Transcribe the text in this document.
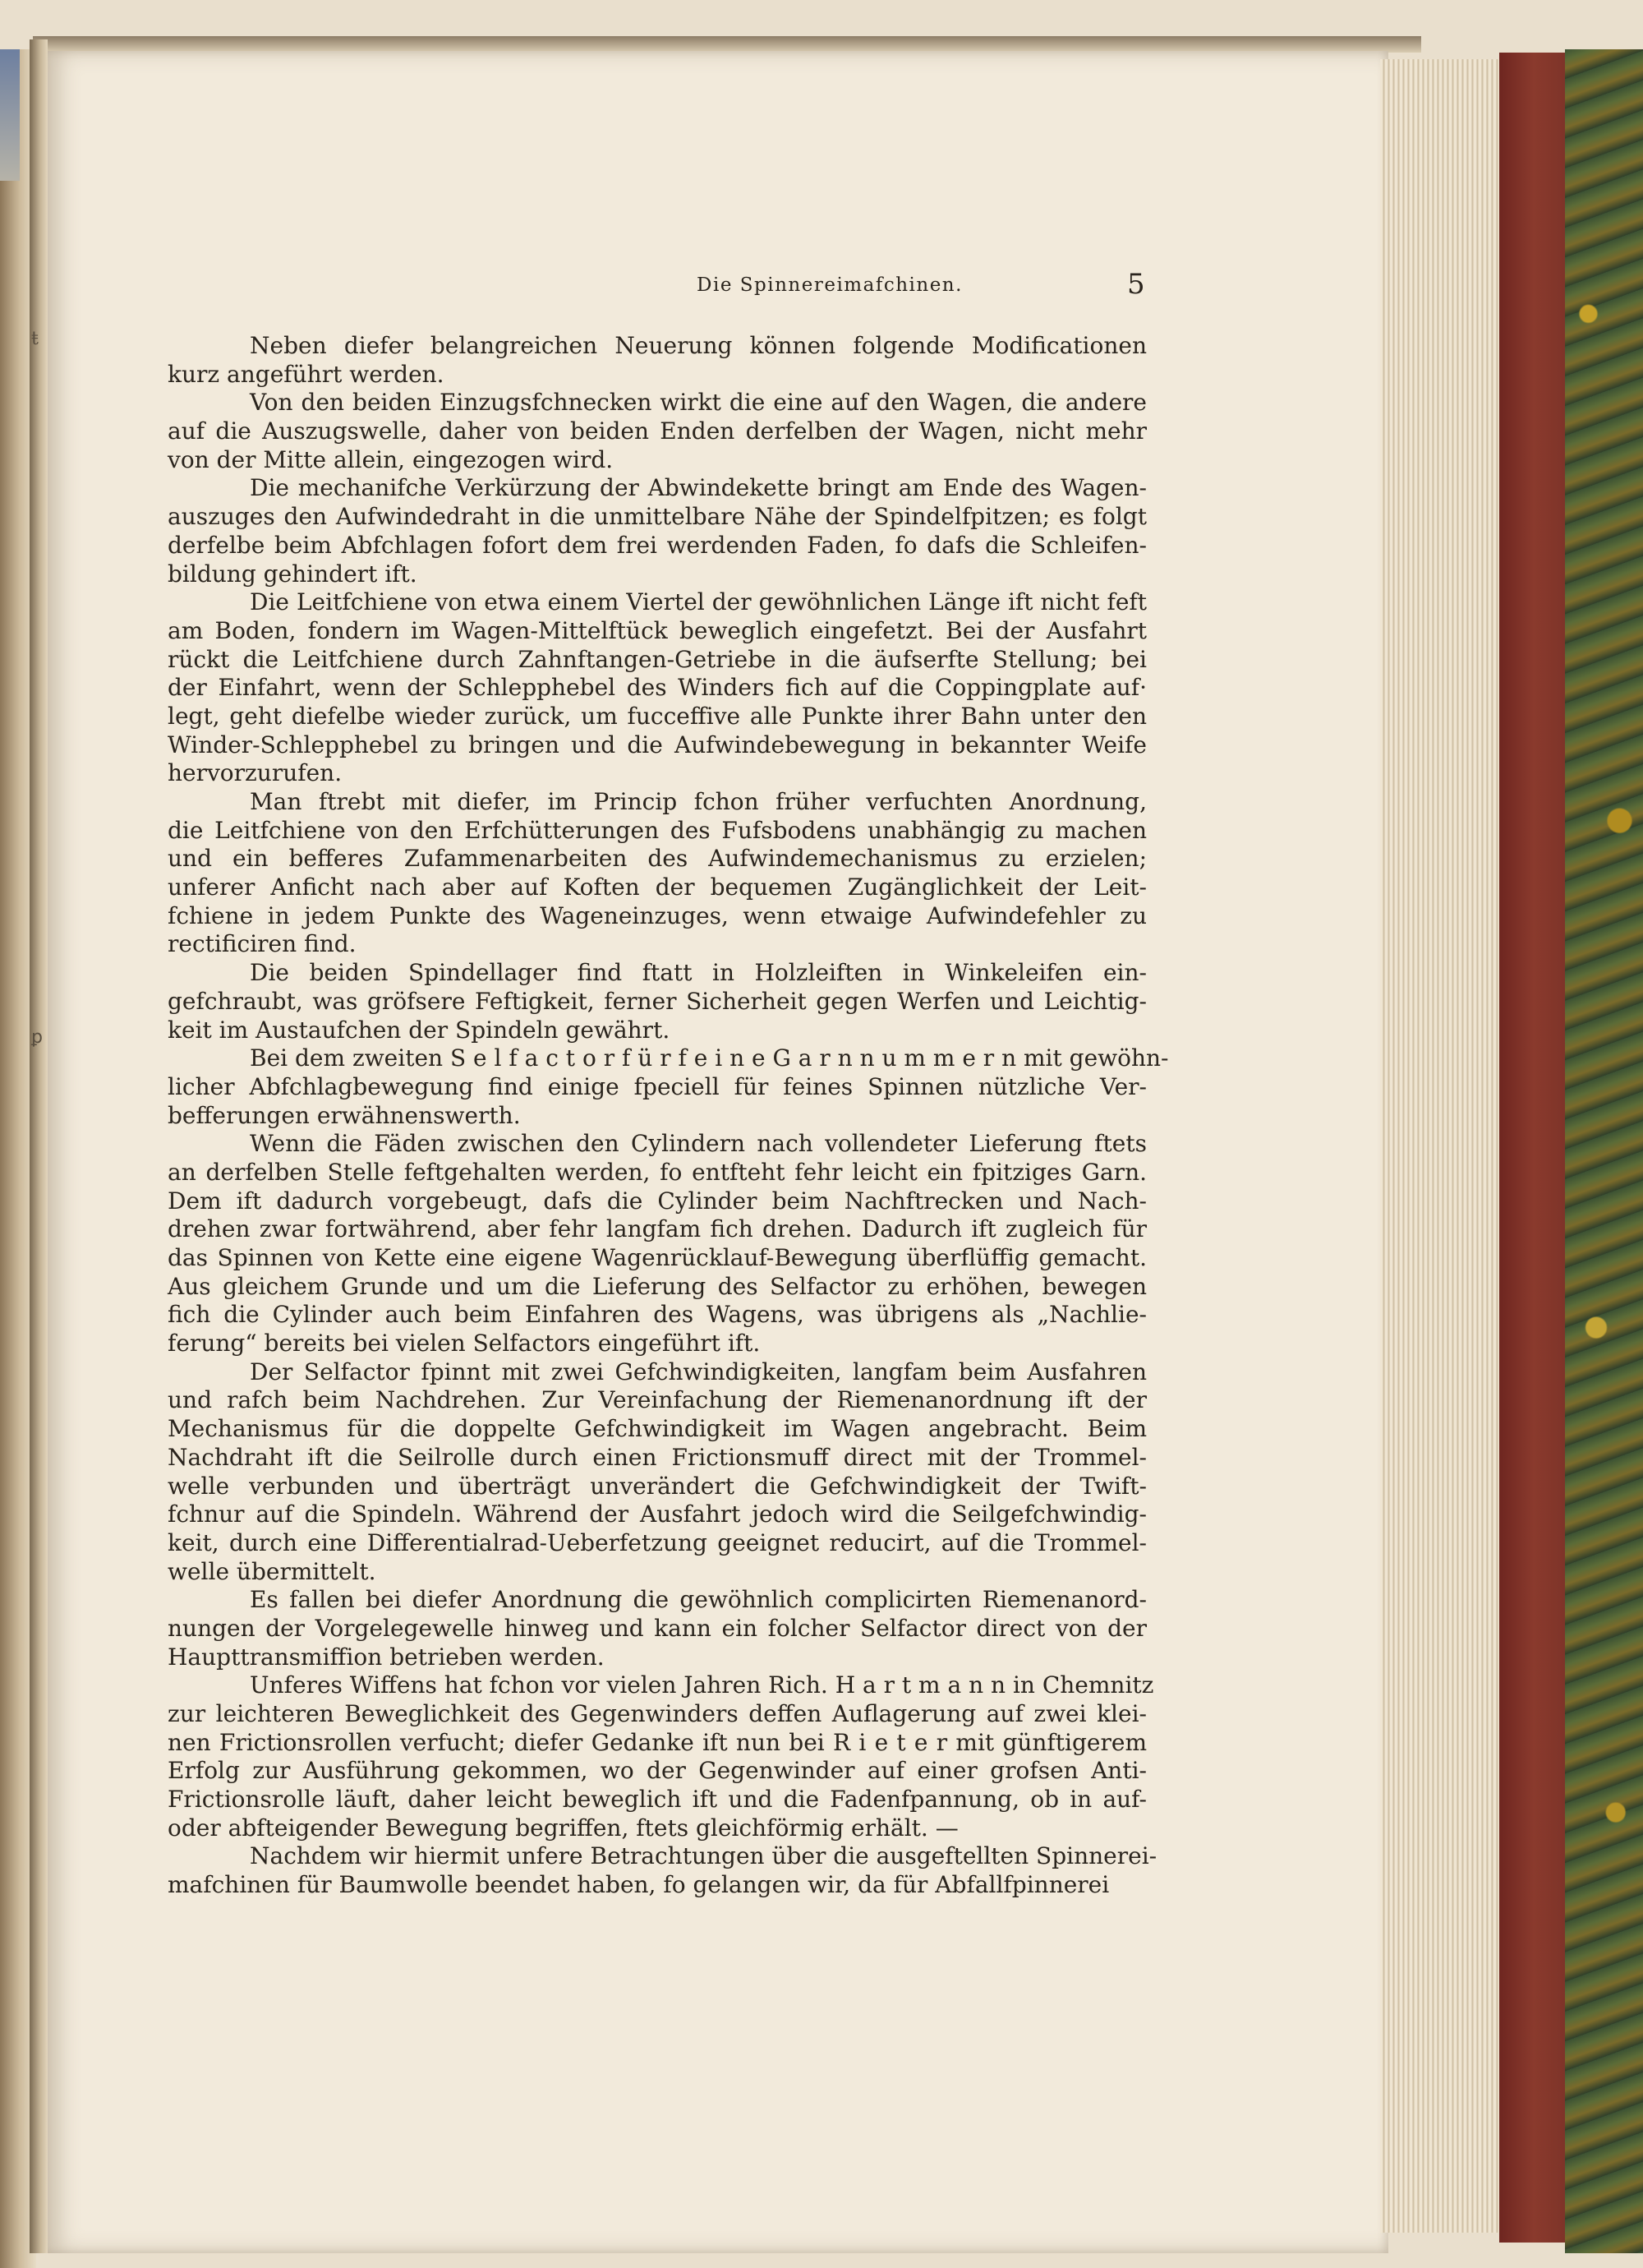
ŧ
ꝑ
Die Spinnereimafchinen.	5
Neben diefer belangreichen Neuerung können folgende Modificationen
kurz angeführt werden.
Von den beiden Einzugsfchnecken wirkt die eine auf den Wagen, die andere
auf die Auszugswelle, daher von beiden Enden derfelben der Wagen, nicht mehr
von der Mitte allein, eingezogen wird.
Die mechanifche Verkürzung der Abwindekette bringt am Ende des Wagen-
auszuges den Aufwindedraht in die unmittelbare Nähe der Spindelfpitzen; es folgt
derfelbe beim Abfchlagen fofort dem frei werdenden Faden, fo dafs die Schleifen-
bildung gehindert ift.
Die Leitfchiene von etwa einem Viertel der gewöhnlichen Länge ift nicht feft
am Boden, fondern im Wagen-Mittelftück beweglich eingefetzt. Bei der Ausfahrt
rückt die Leitfchiene durch Zahnftangen-Getriebe in die äufserfte Stellung; bei
der Einfahrt, wenn der Schlepphebel des Winders fich auf die Coppingplate auf·
legt, geht diefelbe wieder zurück, um fucceffive alle Punkte ihrer Bahn unter den
Winder-Schlepphebel zu bringen und die Aufwindebewegung in bekannter Weife
hervorzurufen.
Man ftrebt mit diefer, im Princip fchon früher verfuchten Anordnung,
die Leitfchiene von den Erfchütterungen des Fufsbodens unabhängig zu machen
und ein befferes Zufammenarbeiten des Aufwindemechanismus zu erzielen;
unferer Anficht nach aber auf Koften der bequemen Zugänglichkeit der Leit-
fchiene in jedem Punkte des Wageneinzuges, wenn etwaige Aufwindefehler zu
rectificiren find.
Die beiden Spindellager find ftatt in Holzleiften in Winkeleifen ein-
gefchraubt, was gröfsere Feftigkeit, ferner Sicherheit gegen Werfen und Leichtig-
keit im Austaufchen der Spindeln gewährt.
Bei dem zweiten S e l f a c t o r f ü r f e i n e G a r n n u m m e r n mit gewöhn-
licher Abfchlagbewegung find einige fpeciell für feines Spinnen nützliche Ver-
befferungen erwähnenswerth.
Wenn die Fäden zwischen den Cylindern nach vollendeter Lieferung ftets
an derfelben Stelle feftgehalten werden, fo entfteht fehr leicht ein fpitziges Garn.
Dem ift dadurch vorgebeugt, dafs die Cylinder beim Nachftrecken und Nach-
drehen zwar fortwährend, aber fehr langfam fich drehen. Dadurch ift zugleich für
das Spinnen von Kette eine eigene Wagenrücklauf-Bewegung überflüffig gemacht.
Aus gleichem Grunde und um die Lieferung des Selfactor zu erhöhen, bewegen
fich die Cylinder auch beim Einfahren des Wagens, was übrigens als „Nachlie-
ferung“ bereits bei vielen Selfactors eingeführt ift.
Der Selfactor fpinnt mit zwei Gefchwindigkeiten, langfam beim Ausfahren
und rafch beim Nachdrehen. Zur Vereinfachung der Riemenanordnung ift der
Mechanismus für die doppelte Gefchwindigkeit im Wagen angebracht. Beim
Nachdraht ift die Seilrolle durch einen Frictionsmuff direct mit der Trommel-
welle verbunden und überträgt unverändert die Gefchwindigkeit der Twift-
fchnur auf die Spindeln. Während der Ausfahrt jedoch wird die Seilgefchwindig-
keit, durch eine Differentialrad-Ueberfetzung geeignet reducirt, auf die Trommel-
welle übermittelt.
Es fallen bei diefer Anordnung die gewöhnlich complicirten Riemenanord-
nungen der Vorgelegewelle hinweg und kann ein folcher Selfactor direct von der
Haupttransmiffion betrieben werden.
Unferes Wiffens hat fchon vor vielen Jahren Rich. H a r t m a n n in Chemnitz
zur leichteren Beweglichkeit des Gegenwinders deffen Auflagerung auf zwei klei-
nen Frictionsrollen verfucht; diefer Gedanke ift nun bei R i e t e r mit günftigerem
Erfolg zur Ausführung gekommen, wo der Gegenwinder auf einer grofsen Anti-
Frictionsrolle läuft, daher leicht beweglich ift und die Fadenfpannung, ob in auf-
oder abfteigender Bewegung begriffen, ftets gleichförmig erhält. —
Nachdem wir hiermit unfere Betrachtungen über die ausgeftellten Spinnerei-
mafchinen für Baumwolle beendet haben, fo gelangen wir, da für Abfallfpinnerei
